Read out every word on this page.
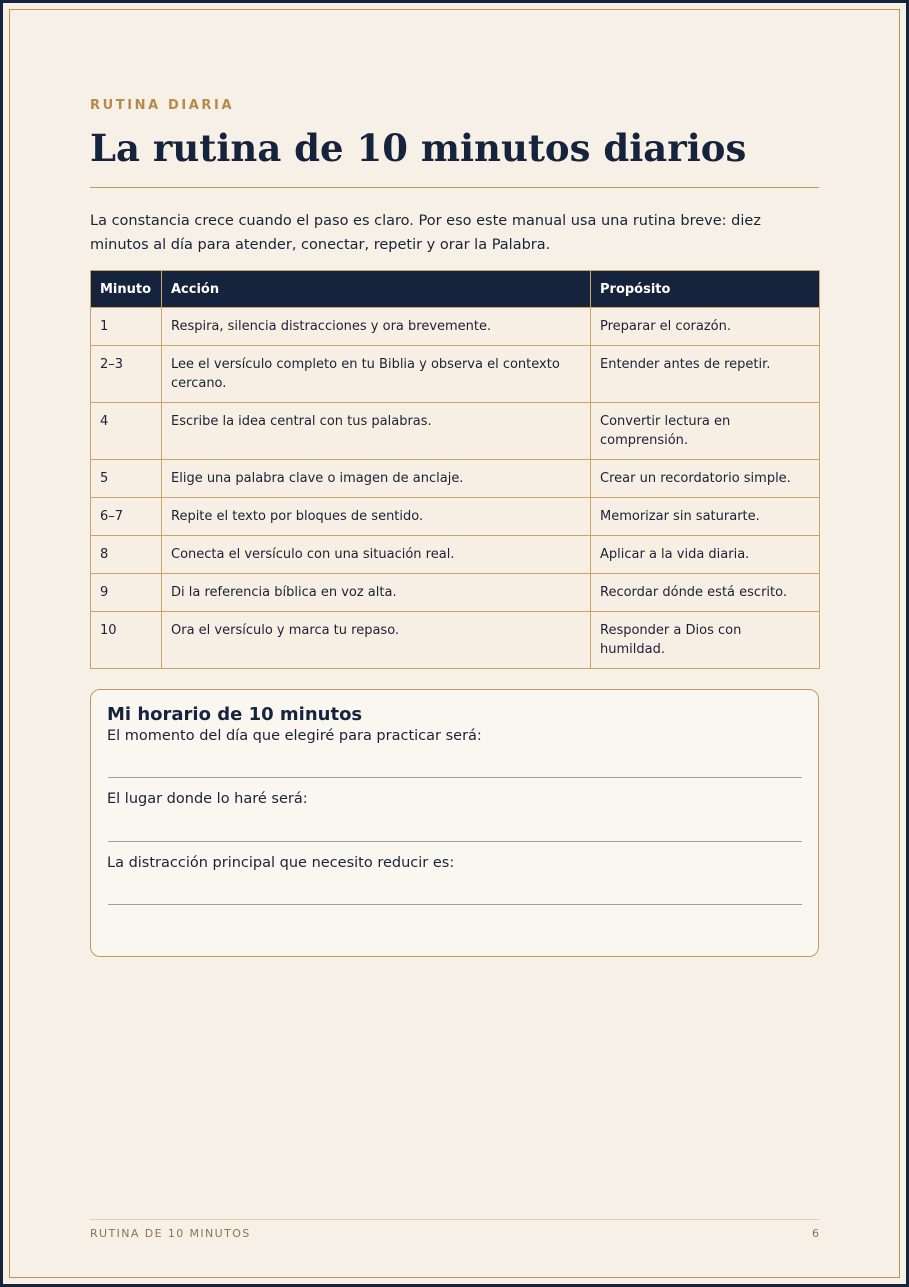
RUTINA DIARIA
La rutina de 10 minutos diarios

La constancia crece cuando el paso es claro. Por eso este manual usa una rutina breve: diez minutos al día para atender, conectar, repetir y orar la Palabra.

Minuto	Acción	Propósito
1	Respira, silencia distracciones y ora brevemente.	Preparar el corazón.
2–3	Lee el versículo completo en tu Biblia y observa el contexto cercano.	Entender antes de repetir.
4	Escribe la idea central con tus palabras.	Convertir lectura en comprensión.
5	Elige una palabra clave o imagen de anclaje.	Crear un recordatorio simple.
6–7	Repite el texto por bloques de sentido.	Memorizar sin saturarte.
8	Conecta el versículo con una situación real.	Aplicar a la vida diaria.
9	Di la referencia bíblica en voz alta.	Recordar dónde está escrito.
10	Ora el versículo y marca tu repaso.	Responder a Dios con humildad.
Mi horario de 10 minutos

El momento del día que elegiré para practicar será:

El lugar donde lo haré será:

La distracción principal que necesito reducir es:

RUTINA DE 10 MINUTOS	6
